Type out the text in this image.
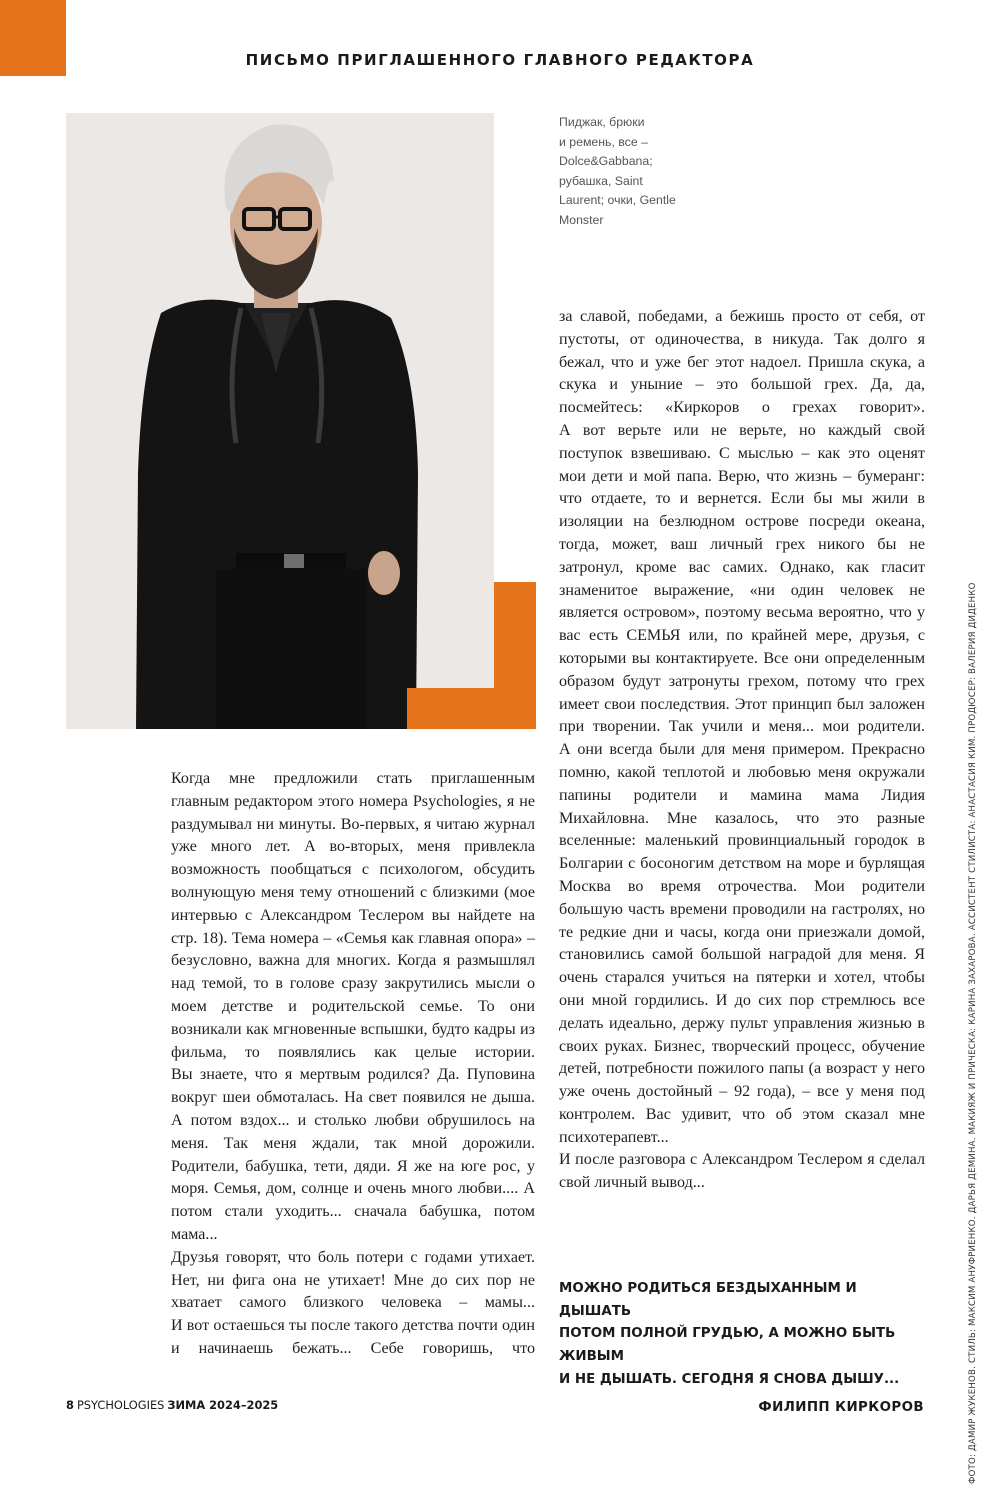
ПИСЬМО ПРИГЛАШЕННОГО ГЛАВНОГО РЕДАКТОРА
Пиджак, брюки
и ремень, все –
Dolce&Gabbana;
рубашка, Saint
Laurent; очки, Gentle
Monster

Когда мне предложили стать приглашенным главным редактором этого номера Psychologies, я не раздумывал ни минуты. Во-первых, я читаю журнал уже много лет. А во-вторых, меня привлекла возможность пообщаться с психологом, обсудить волнующую меня тему отношений с близкими (мое интервью с Александром Теслером вы найдете на стр. 18). Тема номера – «Семья как главная опора» – безусловно, важна для многих. Когда я размышлял над темой, то в голове сразу закрутились мысли о моем детстве и родительской семье. То они возникали как мгновенные вспышки, будто кадры из фильма, то появлялись как целые истории.

Вы знаете, что я мертвым родился? Да. Пуповина вокруг шеи обмоталась. На свет появился не дыша. А потом вздох... и столько любви обрушилось на меня. Так меня ждали, так мной дорожили. Родители, бабушка, тети, дяди. Я же на юге рос, у моря. Семья, дом, солнце и очень много любви.... А потом стали уходить... сначала бабушка, потом мама...

Друзья говорят, что боль потери с годами утихает. Нет, ни фига она не утихает! Мне до сих пор не хватает самого близкого человека – мамы...

И вот остаешься ты после такого детства почти один и начинаешь бежать... Себе говоришь, что

за славой, победами, а бежишь просто от себя, от пустоты, от одиночества, в никуда. Так долго я бежал, что и уже бег этот надоел. Пришла скука, а скука и уныние – это большой грех. Да, да, посмейтесь: «Киркоров о грехах говорит».

А вот верьте или не верьте, но каждый свой поступок взвешиваю. С мыслью – как это оценят мои дети и мой папа. Верю, что жизнь – бумеранг: что отдаете, то и вернется. Если бы мы жили в изоляции на безлюдном острове посреди океана, тогда, может, ваш личный грех никого бы не затронул, кроме вас самих. Однако, как гласит знаменитое выражение, «ни один человек не является островом», поэтому весьма вероятно, что у вас есть СЕМЬЯ или, по крайней мере, друзья, с которыми вы контактируете. Все они определенным образом будут затронуты грехом, потому что грех имеет свои последствия. Этот принцип был заложен при творении. Так учили и меня... мои родители.

А они всегда были для меня примером. Прекрасно помню, какой теплотой и любовью меня окружали папины родители и мамина мама Лидия Михайловна. Мне казалось, что это разные вселенные: маленький провинциальный городок в Болгарии с босоногим детством на море и бурлящая Москва во время отрочества. Мои родители большую часть времени проводили на гастролях, но те редкие дни и часы, когда они приезжали домой, становились самой большой наградой для меня. Я очень старался учиться на пятерки и хотел, чтобы они мной гордились. И до сих пор стремлюсь все делать идеально, держу пульт управления жизнью в своих руках. Бизнес, творческий процесс, обучение детей, потребности пожилого папы (а возраст у него уже очень достойный – 92 года), – все у меня под контролем. Вас удивит, что об этом сказал мне психотерапевт...

И после разговора с Александром Теслером я сделал свой личный вывод...

МОЖНО РОДИТЬСЯ БЕЗДЫХАННЫМ И ДЫШАТЬ
ПОТОМ ПОЛНОЙ ГРУДЬЮ, А МОЖНО БЫТЬ ЖИВЫМ
И НЕ ДЫШАТЬ. СЕГОДНЯ Я СНОВА ДЫШУ...
ФИЛИПП КИРКОРОВ	ФОТО: ДАМИР ЖУКЕНОВ. СТИЛЬ: МАКСИМ АНУФРИЕНКО. ДАРЬЯ ДЕМИНА. МАКИЯЖ И ПРИЧЕСКА: КАРИНА ЗАХАРОВА. АССИСТЕНТ СТИЛИСТА: АНАСТАСИЯ КИМ. ПРОДЮСЕР: ВАЛЕРИЯ ДИДЕНКО
8 PSYCHOLOGIES ЗИМА 2024–2025
